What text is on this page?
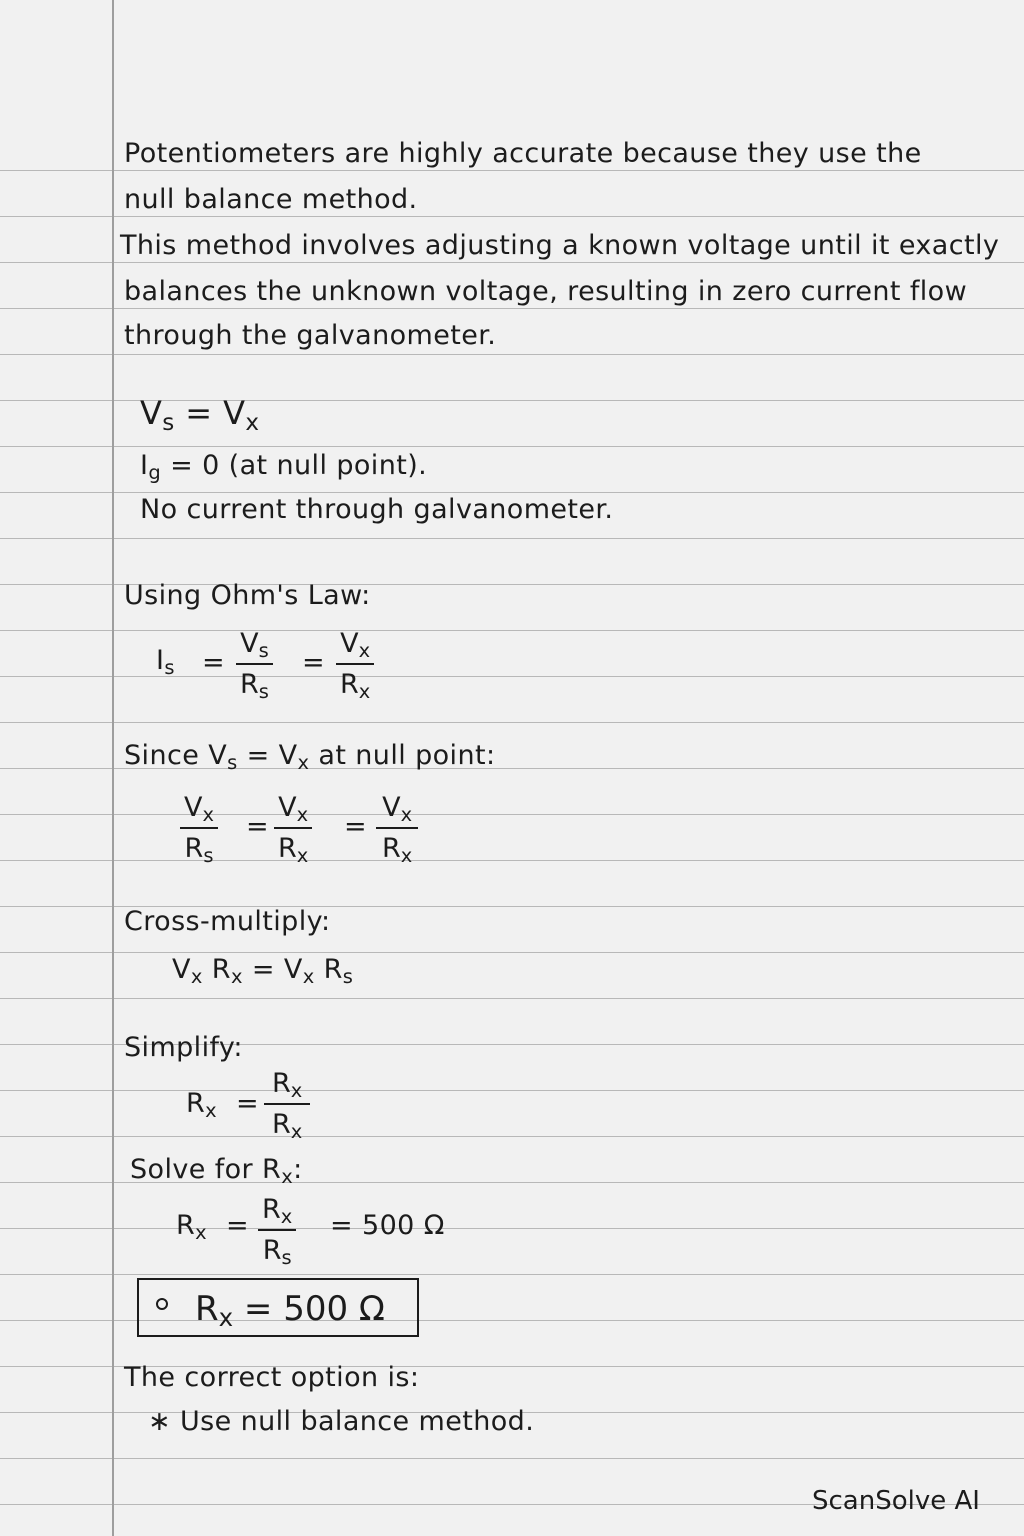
Potentiometers are highly accurate because they use the
null balance method.
This method involves adjusting a known voltage until it exactly
balances the unknown voltage, resulting in zero current flow
through the galvanometer.
$V_s = V_x$
$I_g = 0$ (at null point).
No current through galvanometer.
Using Ohm's Law:
$I_s$ =
$V_s$
$R_s$
=
$V_x$
$R_x$
Since $V_s = V_x$ at null point:
$V_x$
$R_s$
=
$V_x$
$R_x$
=
$V_x$
$R_x$
Cross-multiply:
$V_x$ $R_x = V_x$ $R_s$
Simplify:
$R_x$ =
$R_x$
$R_x$
Solve for $R_x$:
$R_x$ =
$R_x$
$R_s$
= 500 Ω
$R_x = 500$ Ω
The correct option is:
∗ Use null balance method.
ScanSolve AI
